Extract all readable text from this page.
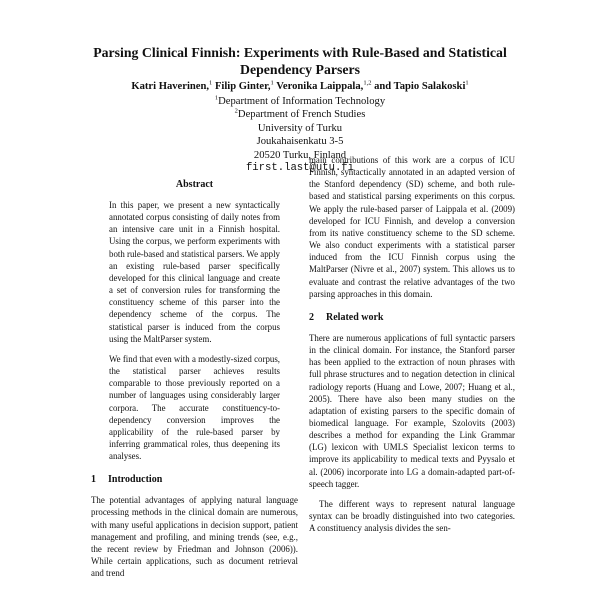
Parsing Clinical Finnish: Experiments with Rule-Based and Statistical
Dependency Parsers
Katri Haverinen,$^1$ Filip Ginter,$^1$ Veronika Laippala,$^{1,2}$ and Tapio Salakoski$^1$
$^1$Department of Information Technology
$^2$Department of French Studies
University of Turku
Joukahaisenkatu 3-5
20520 Turku, Finland
first.last@utu.fi
Abstract

In this paper, we present a new syntactically annotated corpus consisting of daily notes from an intensive care unit in a Finnish hospital. Using the corpus, we perform experiments with both rule-based and statistical parsers. We apply an existing rule-based parser specifically developed for this clinical language and create a set of conversion rules for transforming the constituency scheme of this parser into the dependency scheme of the corpus. The statistical parser is induced from the corpus using the MaltParser system.

We find that even with a modestly-sized corpus, the statistical parser achieves results comparable to those previously reported on a number of languages using considerably larger corpora. The accurate constituency-to-dependency conversion improves the applicability of the rule-based parser by inferring grammatical roles, thus deepening its analyses.

1 Introduction

The potential advantages of applying natural language processing methods in the clinical domain are numerous, with many useful applications in decision support, patient management and profiling, and mining trends (see, e.g., the recent review by Friedman and Johnson (2006)). While certain applications, such as document retrieval and trend

main contributions of this work are a corpus of ICU Finnish, syntactically annotated in an adapted version of the Stanford dependency (SD) scheme, and both rule-based and statistical parsing experiments on this corpus. We apply the rule-based parser of Laippala et al. (2009) developed for ICU Finnish, and develop a conversion from its native constituency scheme to the SD scheme. We also conduct experiments with a statistical parser induced from the ICU Finnish corpus using the MaltParser (Nivre et al., 2007) system. This allows us to evaluate and contrast the relative advantages of the two parsing approaches in this domain.

2 Related work

There are numerous applications of full syntactic parsers in the clinical domain. For instance, the Stanford parser has been applied to the extraction of noun phrases with full phrase structures and to negation detection in clinical radiology reports (Huang and Lowe, 2007; Huang et al., 2005). There have also been many studies on the adaptation of existing parsers to the specific domain of biomedical language. For example, Szolovits (2003) describes a method for expanding the Link Grammar (LG) lexicon with UMLS Specialist lexicon terms to improve its applicability to medical texts and Pyysalo et al. (2006) incorporate into LG a domain-adapted part-of-speech tagger.

The different ways to represent natural language syntax can be broadly distinguished into two categories. A constituency analysis divides the sen-
